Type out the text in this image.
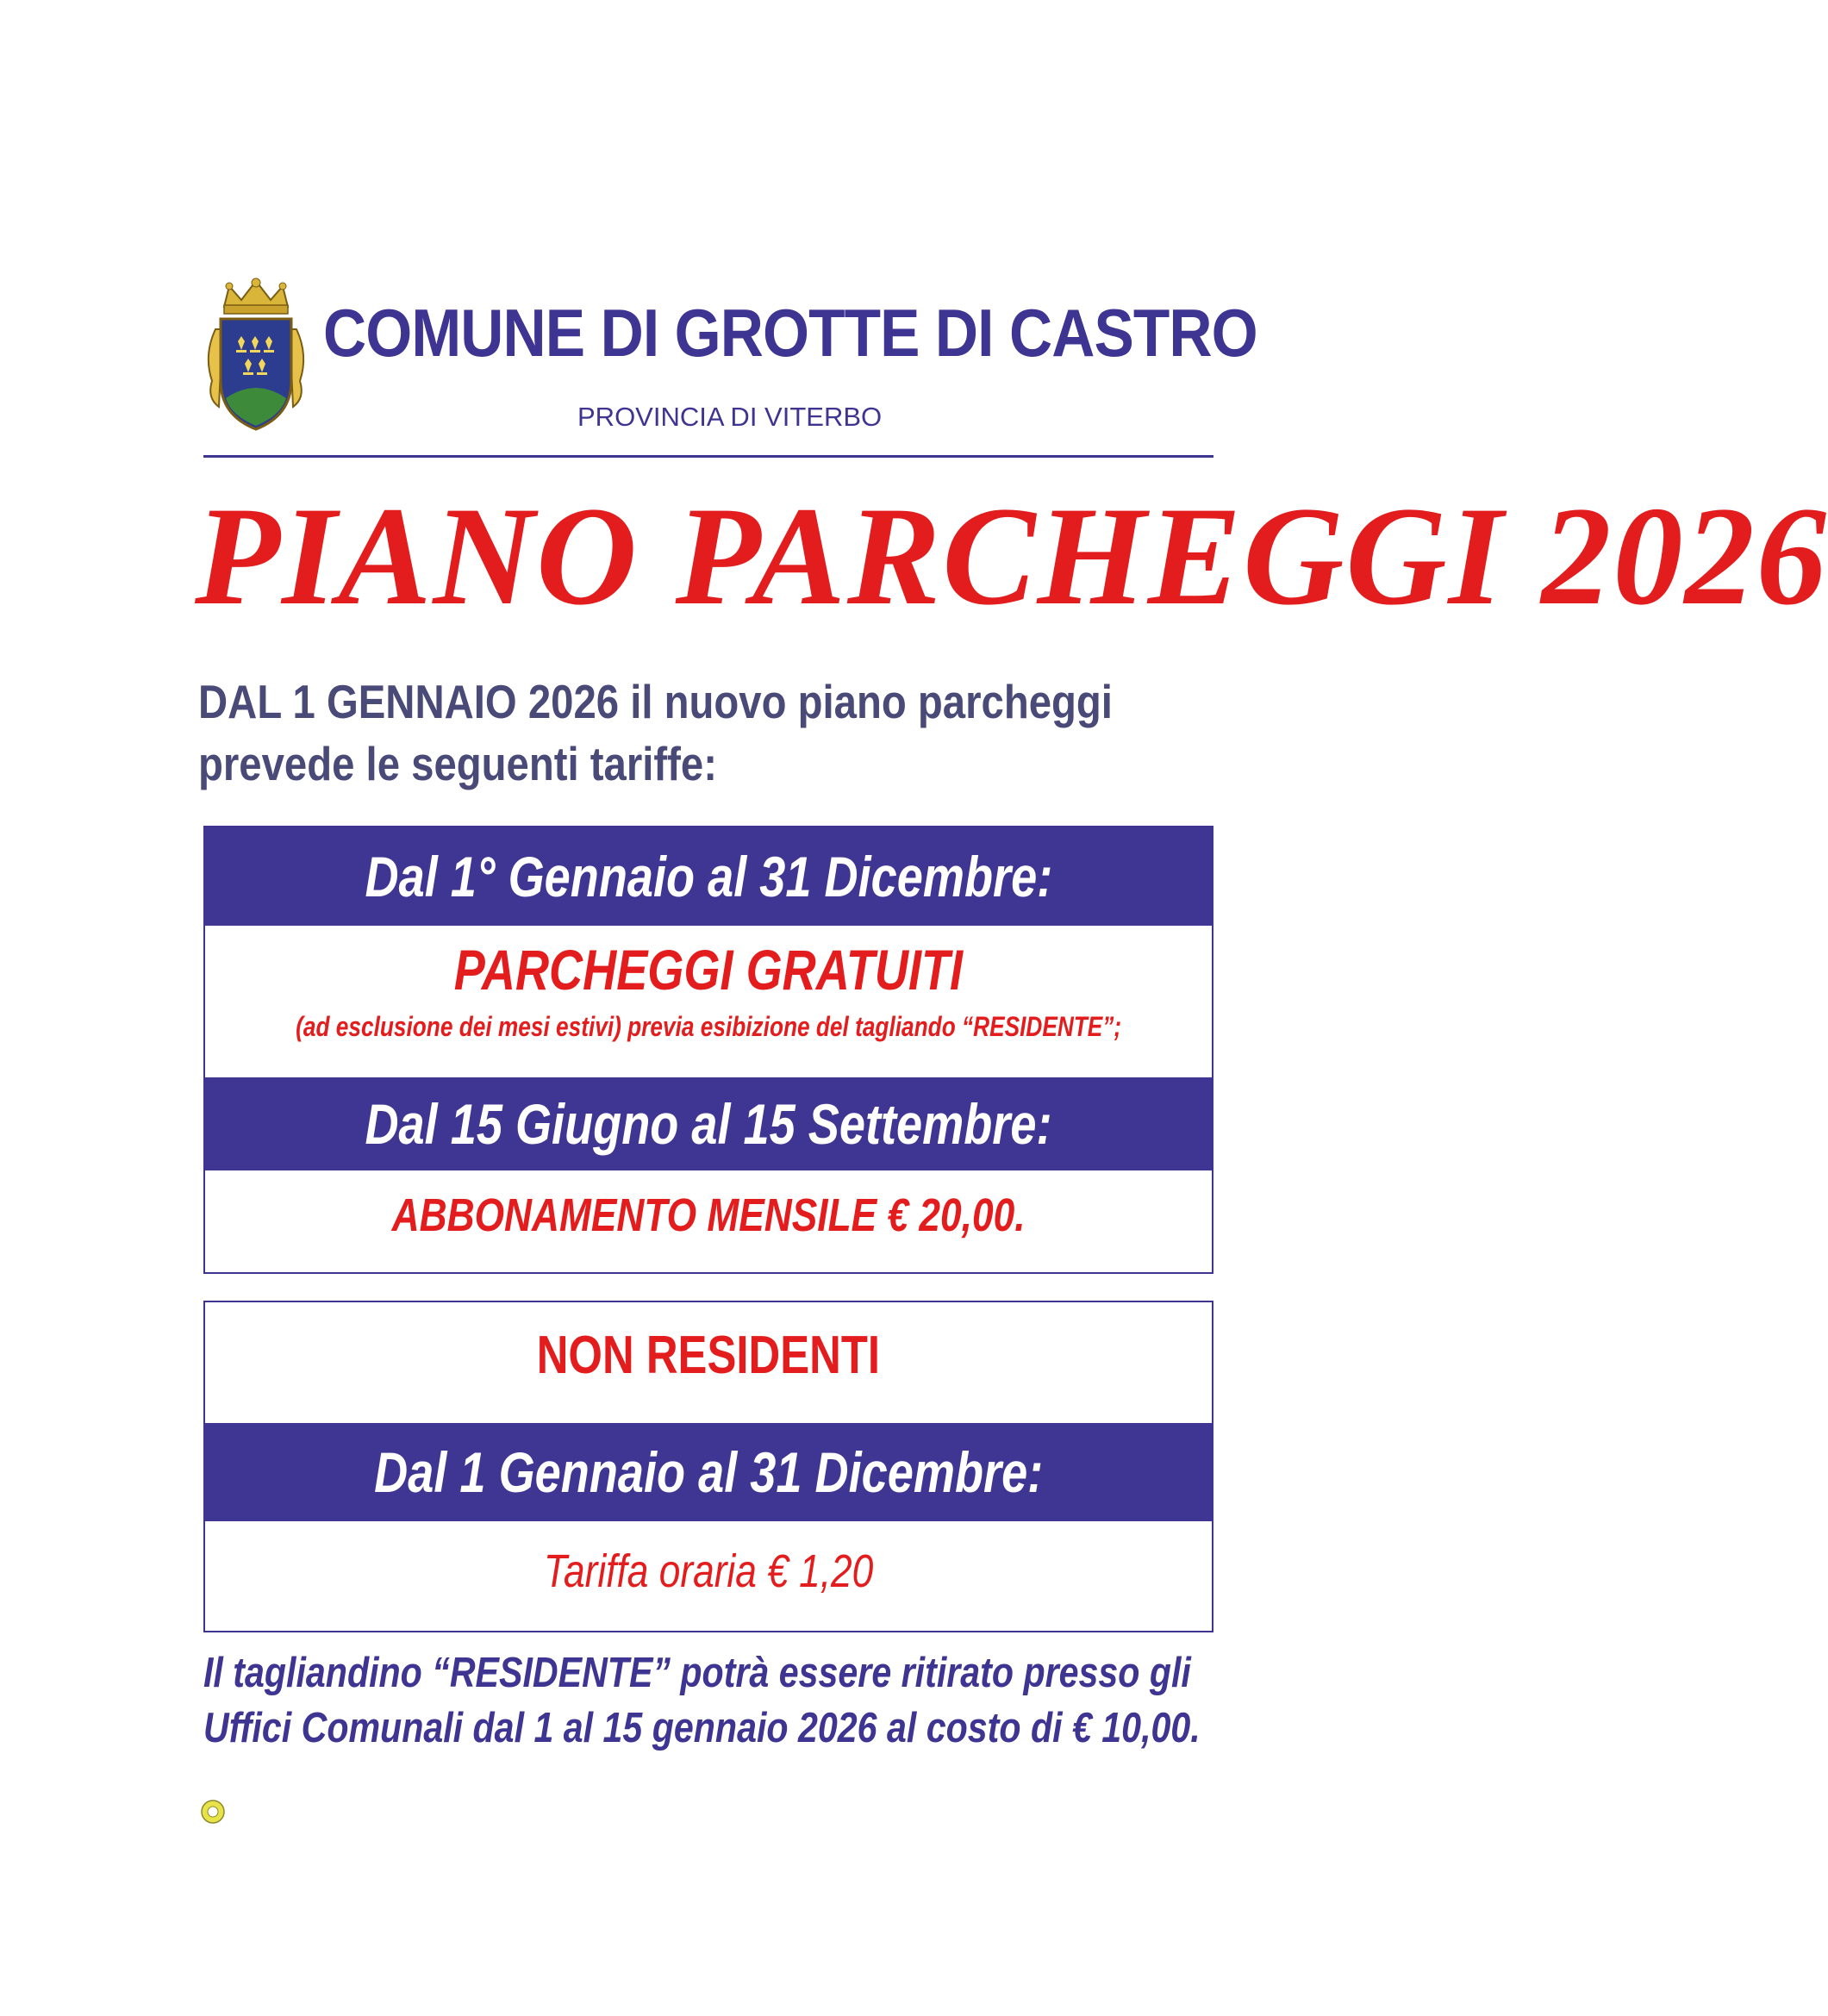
COMUNE DI GROTTE DI CASTRO
PROVINCIA DI VITERBO
PIANO PARCHEGGI 2026
DAL 1 GENNAIO 2026 il nuovo piano parcheggi
prevede le seguenti tariffe:
Dal 1° Gennaio al 31 Dicembre:
PARCHEGGI GRATUITI
(ad esclusione dei mesi estivi) previa esibizione del tagliando “RESIDENTE”;
Dal 15 Giugno al 15 Settembre:
ABBONAMENTO MENSILE € 20,00.
NON RESIDENTI
Dal 1 Gennaio al 31 Dicembre:
Tariffa oraria € 1,20
Il tagliandino “RESIDENTE” potrà essere ritirato presso gli
Uffici Comunali dal 1 al 15 gennaio 2026 al costo di € 10,00.
